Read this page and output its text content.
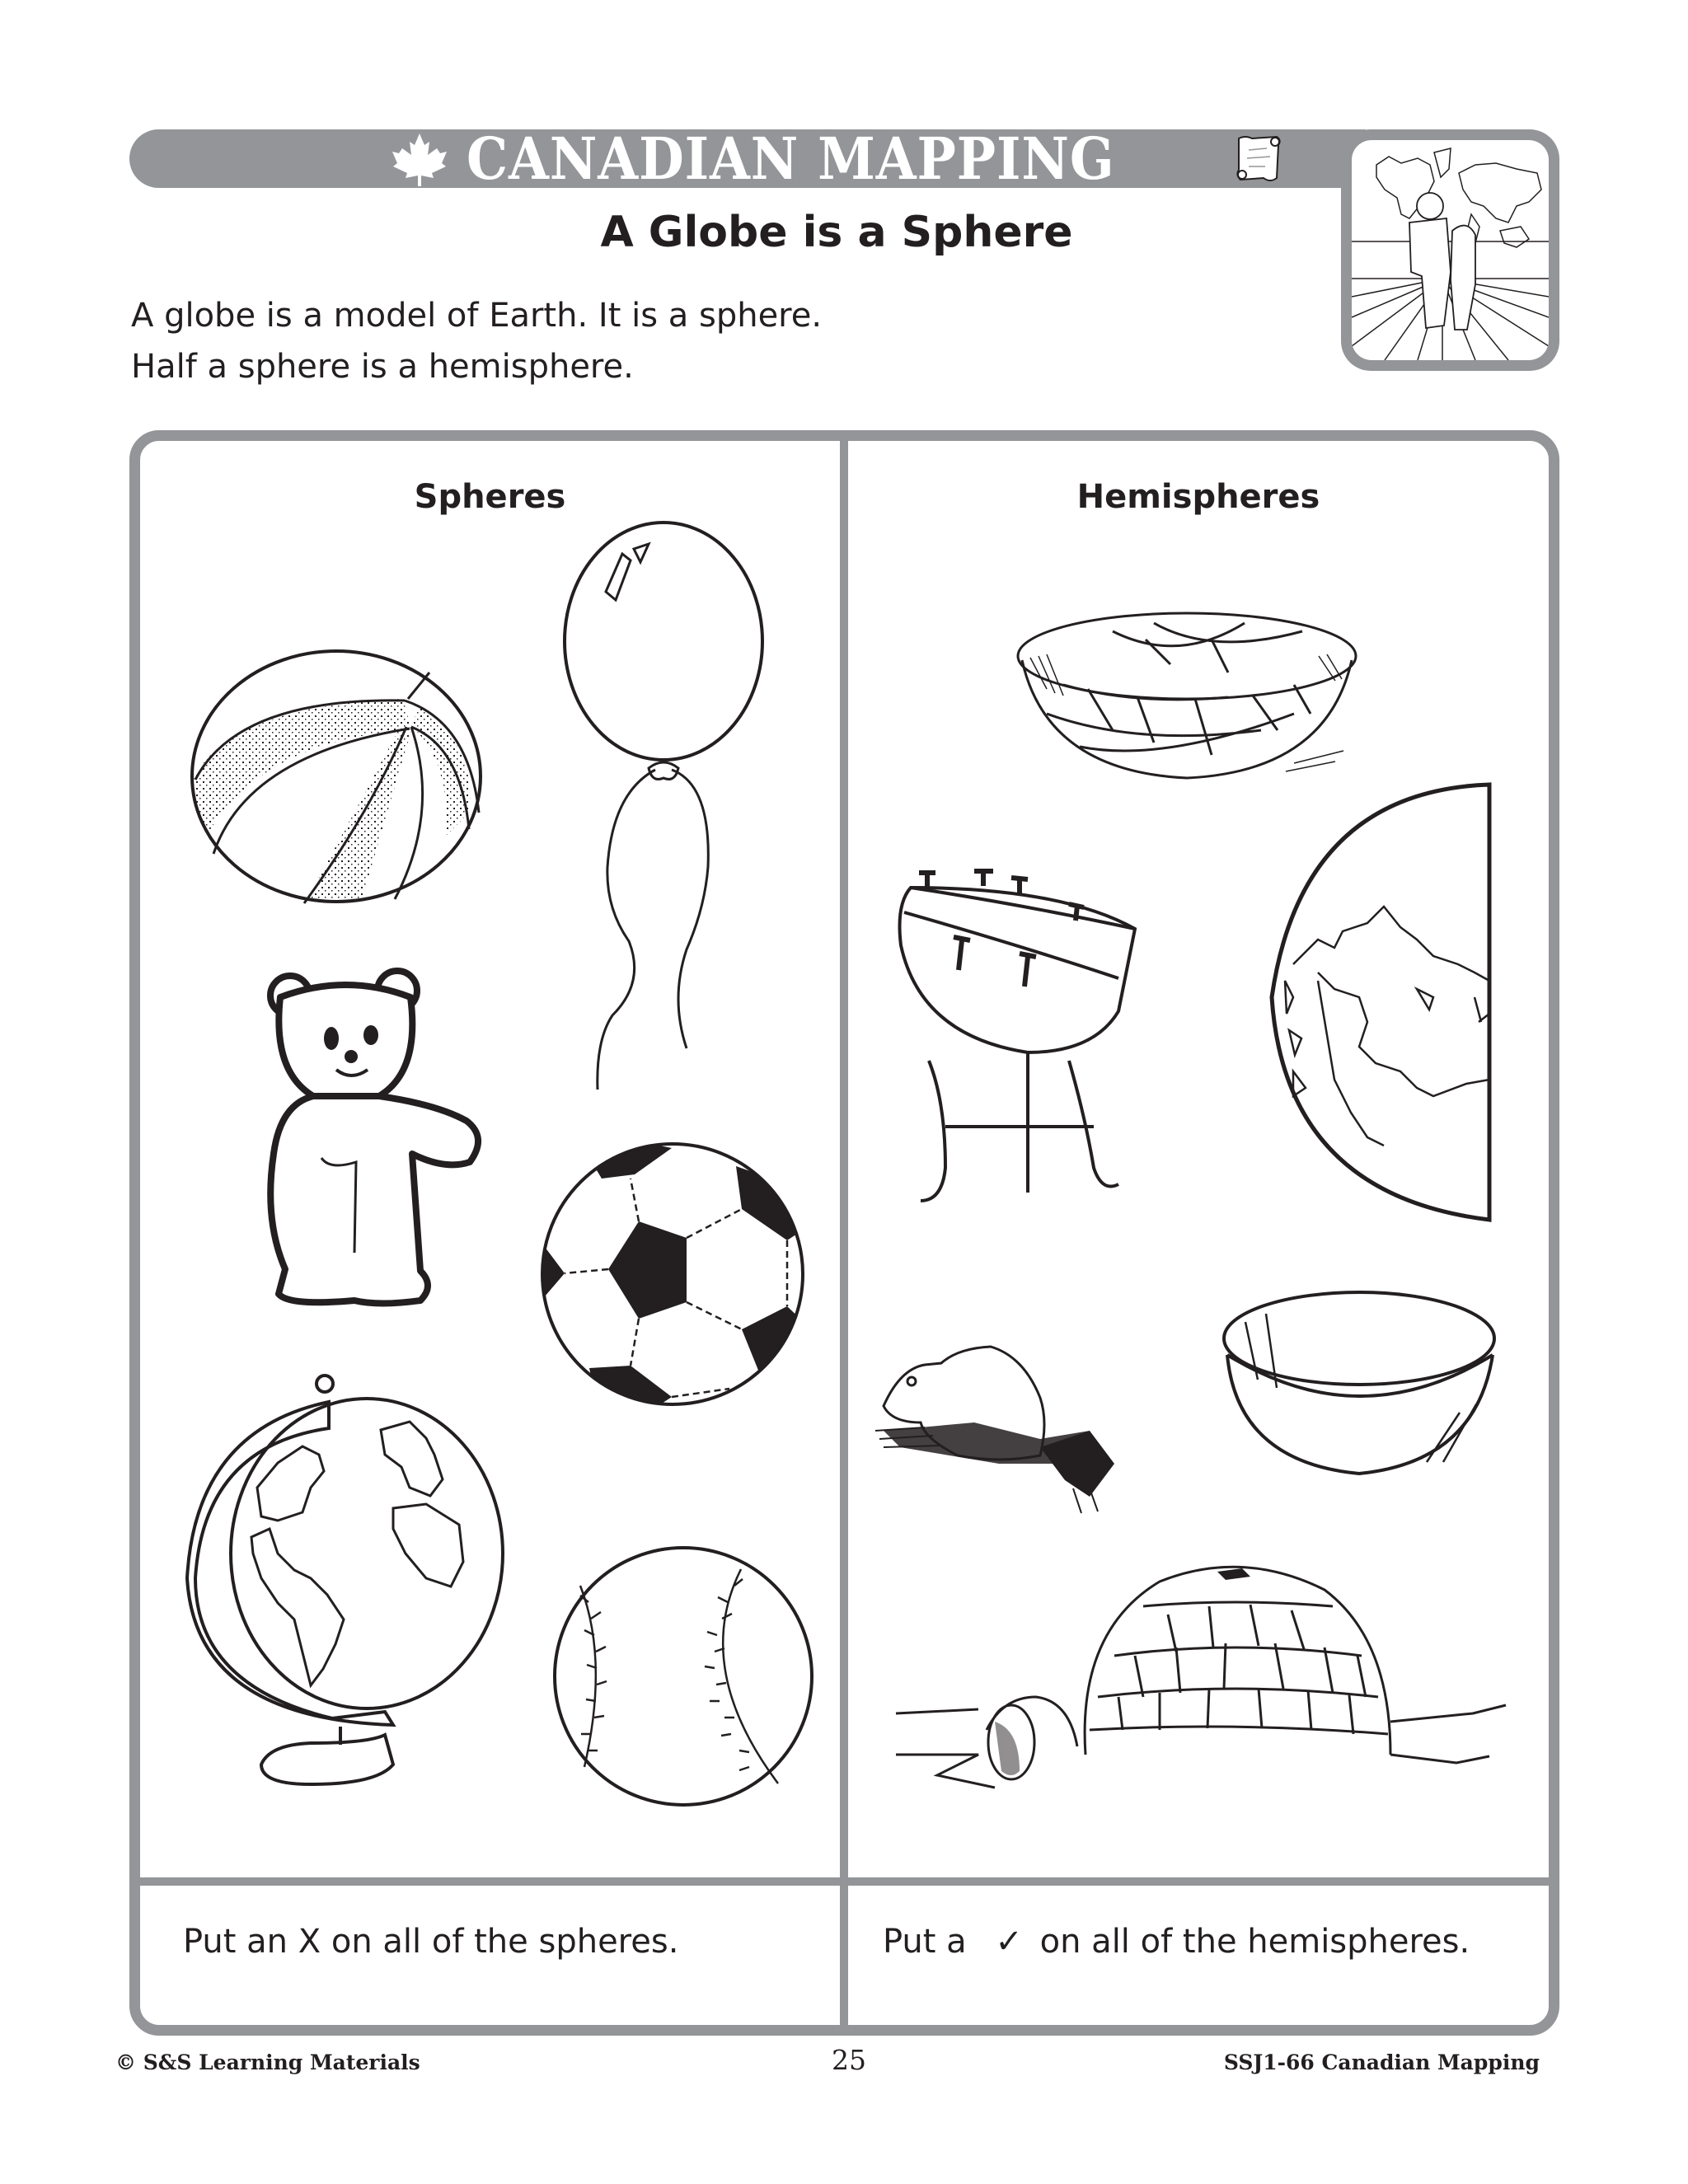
CANADIAN MAPPING
A Globe is a Sphere
A globe is a model of Earth. It is a sphere.
Half a sphere is a hemisphere.
Spheres	Hemispheres
Put an X on all of the spheres.	Put a ✓ on all of the hemispheres.
© S&S Learning Materials	25	SSJ1-66 Canadian Mapping
